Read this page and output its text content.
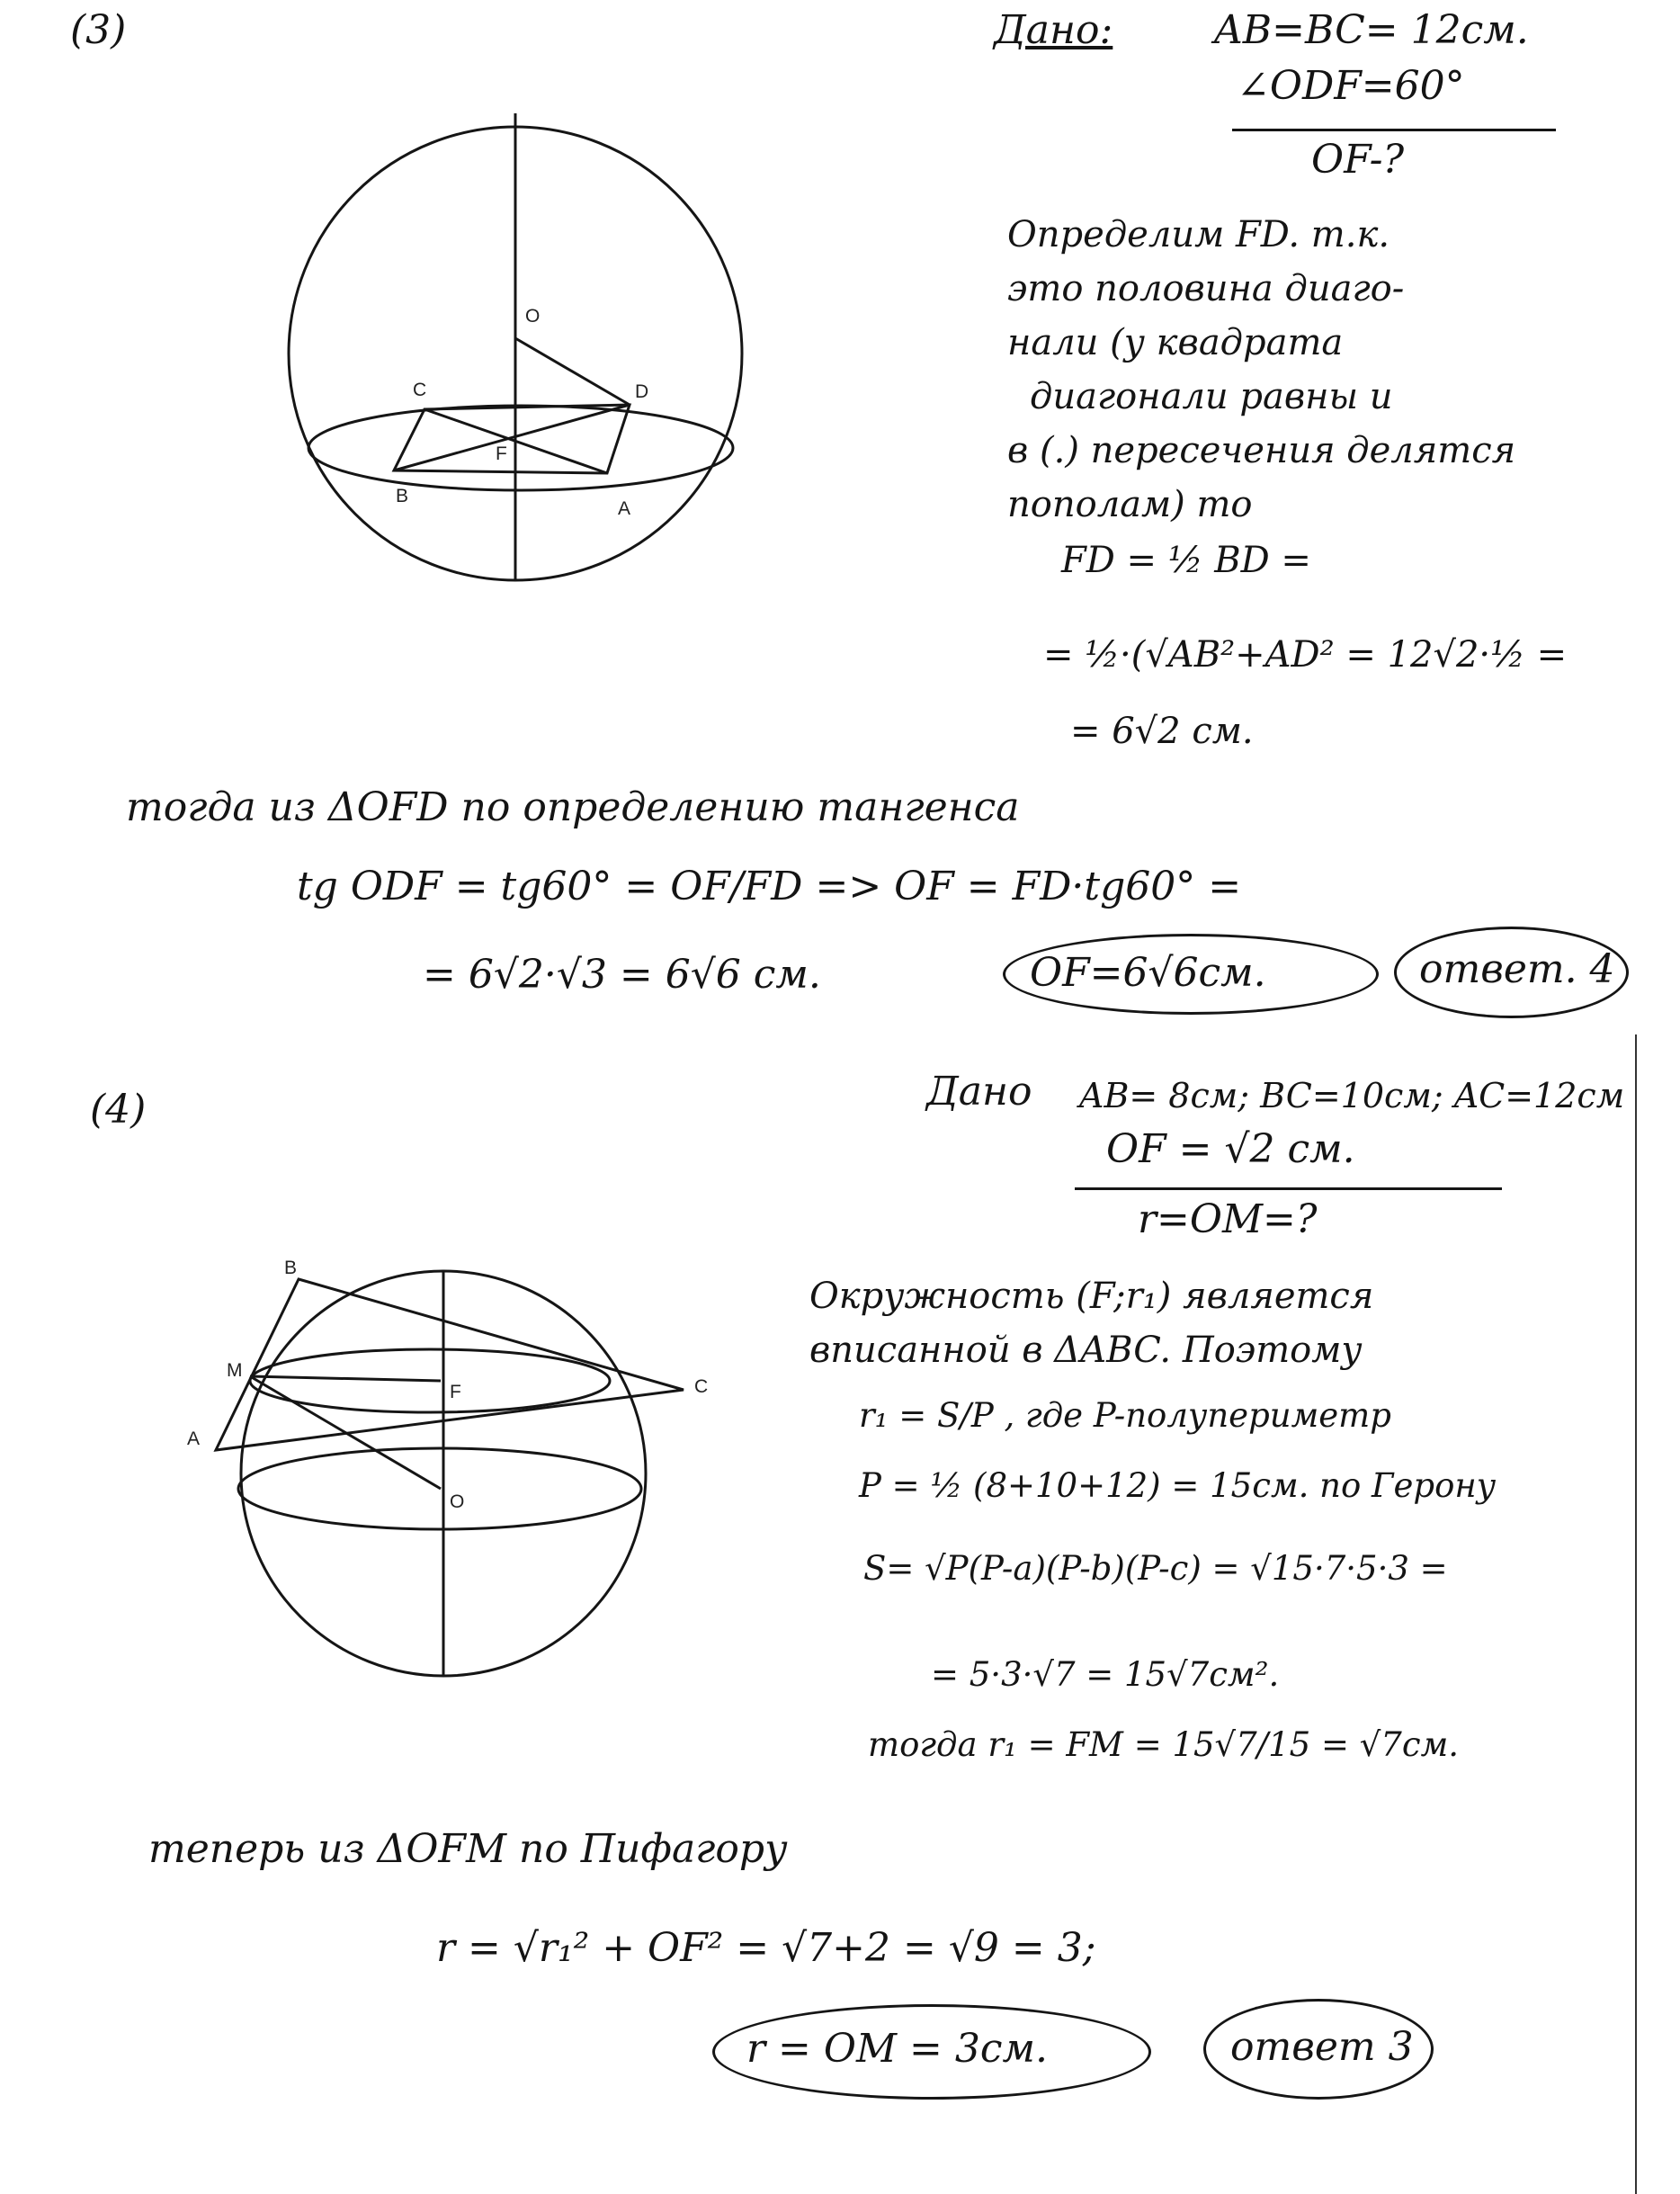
(3)	Дано:	AB=BC= 12см.
∠ODF=60°
OF-?
O
C	D
F
B
A
Определим FD. т.к.
это половина диаго-
нали (у квадрата
диагонали равны и
в (.) пересечения делятся
пополам) то
FD = ½ BD =
= ½·(√AB²+AD² = 12√2·½ =
= 6√2 см.
тогда из ΔOFD по определению тангенса
tg ODF = tg60° = OF/FD => OF = FD·tg60° =
= 6√2·√3 = 6√6 см.	OF=6√6см.	ответ. 4
(4)	Дано AB= 8см; BC=10см; AC=12см
OF = √2 см.
r=OM=?
B
M
F	C
A
O
Окружность (F;r₁) является
вписанной в ΔABC. Поэтому
r₁ = S/P , где P-полупериметр
P = ½ (8+10+12) = 15см. по Герону
S= √P(P-a)(P-b)(P-c) = √15·7·5·3 =
= 5·3·√7 = 15√7см².
тогда r₁ = FM = 15√7/15 = √7см.
теперь из ΔOFM по Пифагору
r = √r₁² + OF² = √7+2 = √9 = 3;
r = OM = 3см.	ответ 3
